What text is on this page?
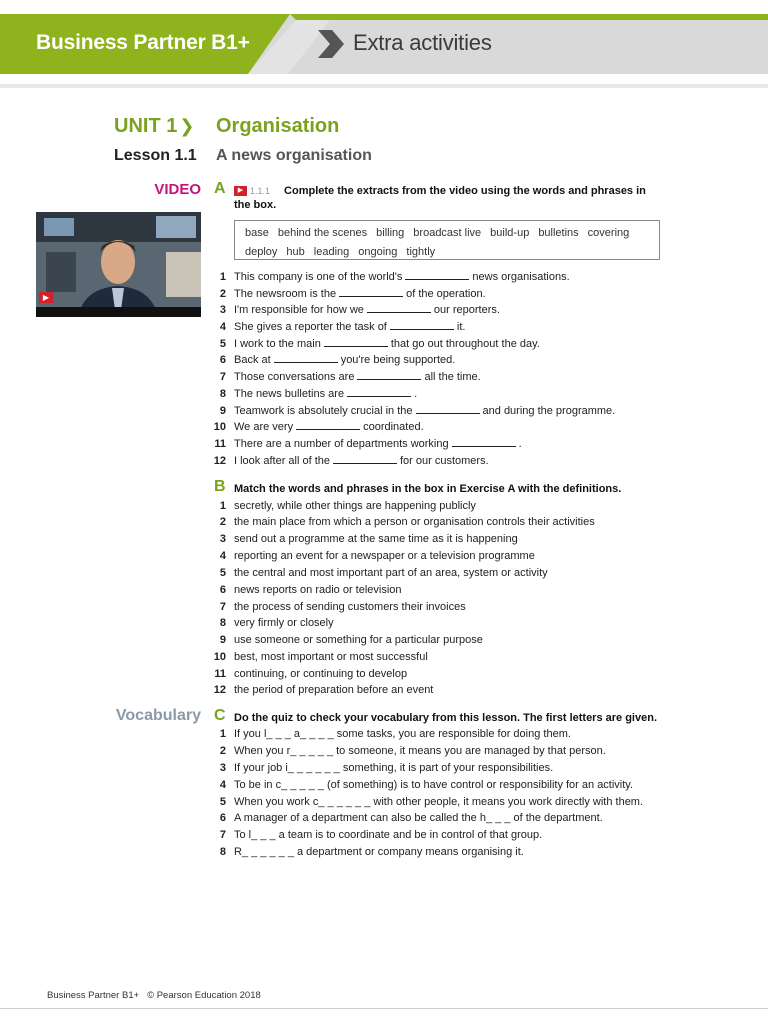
Business Partner B1+	Extra activities
UNIT 1 ❯ Organisation
Lesson 1.1 A news organisation
VIDEO A	▶ 1.1.1 Complete the extracts from the video using the words and phrases in the box.
▶
base behind the scenes billing broadcast live build-up bulletins covering
deploy hub leading ongoing tightly
1 This company is one of the world's	news organisations.
2 The newsroom is the	of the operation.
3 I'm responsible for how we	our reporters.
4 She gives a reporter the task of	it.
5 I work to the main	that go out throughout the day.
6 Back at	you're being supported.
7 Those conversations are	all the time.
8 The news bulletins are	.
9 Teamwork is absolutely crucial in the	and during the programme.
10 We are very	coordinated.
11 There are a number of departments working	.
12 I look after all of the	for our customers.
B Match the words and phrases in the box in Exercise A with the definitions.
1 secretly, while other things are happening publicly
2 the main place from which a person or organisation controls their activities
3 send out a programme at the same time as it is happening
4 reporting an event for a newspaper or a television programme
5 the central and most important part of an area, system or activity
6 news reports on radio or television
7 the process of sending customers their invoices
8 very firmly or closely
9 use someone or something for a particular purpose
10 best, most important or most successful
11 continuing, or continuing to develop
12 the period of preparation before an event
Vocabulary C Do the quiz to check your vocabulary from this lesson. The first letters are given.
1 If you l_ _ _ a_ _ _ _ some tasks, you are responsible for doing them.
2 When you r_ _ _ _ _ to someone, it means you are managed by that person.
3 If your job i_ _ _ _ _ _ something, it is part of your responsibilities.
4 To be in c_ _ _ _ _ (of something) is to have control or responsibility for an activity.
5 When you work c_ _ _ _ _ _ with other people, it means you work directly with them.
6 A manager of a department can also be called the h_ _ _ of the department.
7 To l_ _ _ a team is to coordinate and be in control of that group.
8 R_ _ _ _ _ _ a department or company means organising it.
Business Partner B1+ © Pearson Education 2018
